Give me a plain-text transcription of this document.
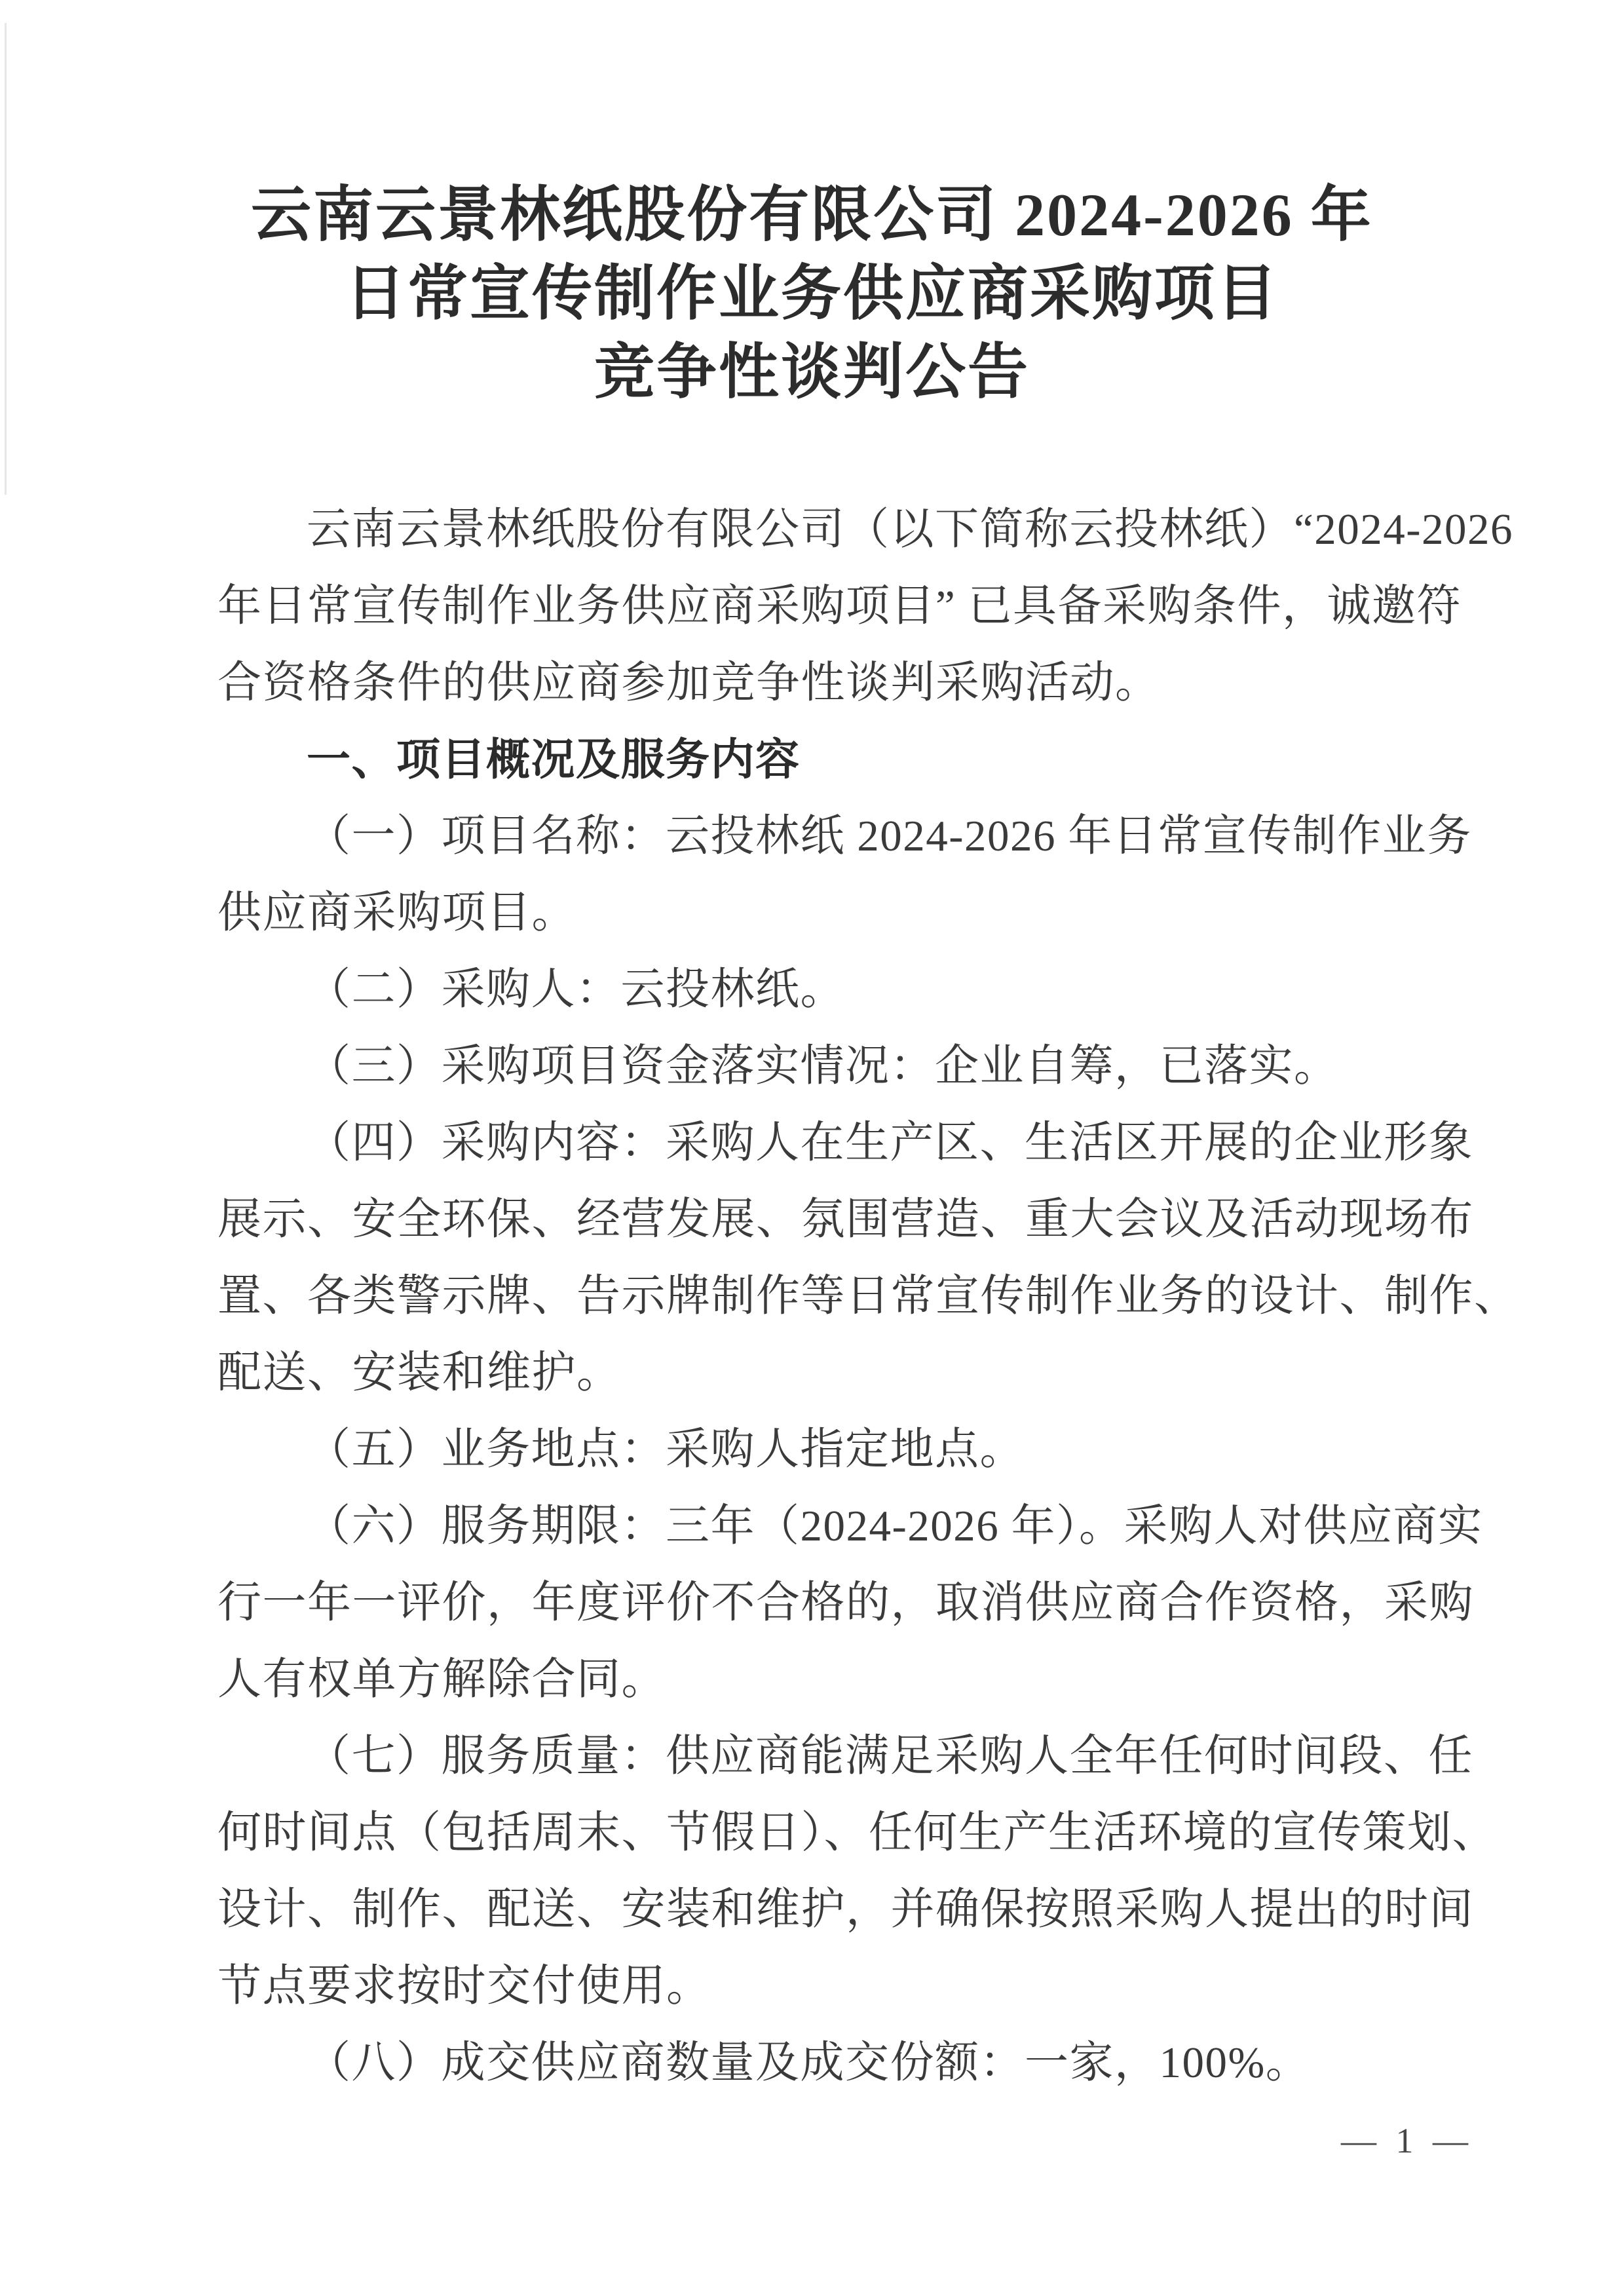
云南云景林纸股份有限公司 2024-2026 年
日常宣传制作业务供应商采购项目
竞争性谈判公告
云南云景林纸股份有限公司（以下简称云投林纸）“2024-2026
年日常宣传制作业务供应商采购项目” 已具备采购条件，诚邀符
合资格条件的供应商参加竞争性谈判采购活动。
一、项目概况及服务内容
（一）项目名称：云投林纸 2024-2026 年日常宣传制作业务
供应商采购项目。
（二）采购人：云投林纸。
（三）采购项目资金落实情况：企业自筹，已落实。
（四）采购内容：采购人在生产区、生活区开展的企业形象
展示、安全环保、经营发展、氛围营造、重大会议及活动现场布
置、各类警示牌、告示牌制作等日常宣传制作业务的设计、制作、
配送、安装和维护。
（五）业务地点：采购人指定地点。
（六）服务期限：三年（2024-2026 年）。采购人对供应商实
行一年一评价，年度评价不合格的，取消供应商合作资格，采购
人有权单方解除合同。
（七）服务质量：供应商能满足采购人全年任何时间段、任
何时间点（包括周末、节假日）、任何生产生活环境的宣传策划、
设计、制作、配送、安装和维护，并确保按照采购人提出的时间
节点要求按时交付使用。
（八）成交供应商数量及成交份额：一家，100%。
— 1 —
